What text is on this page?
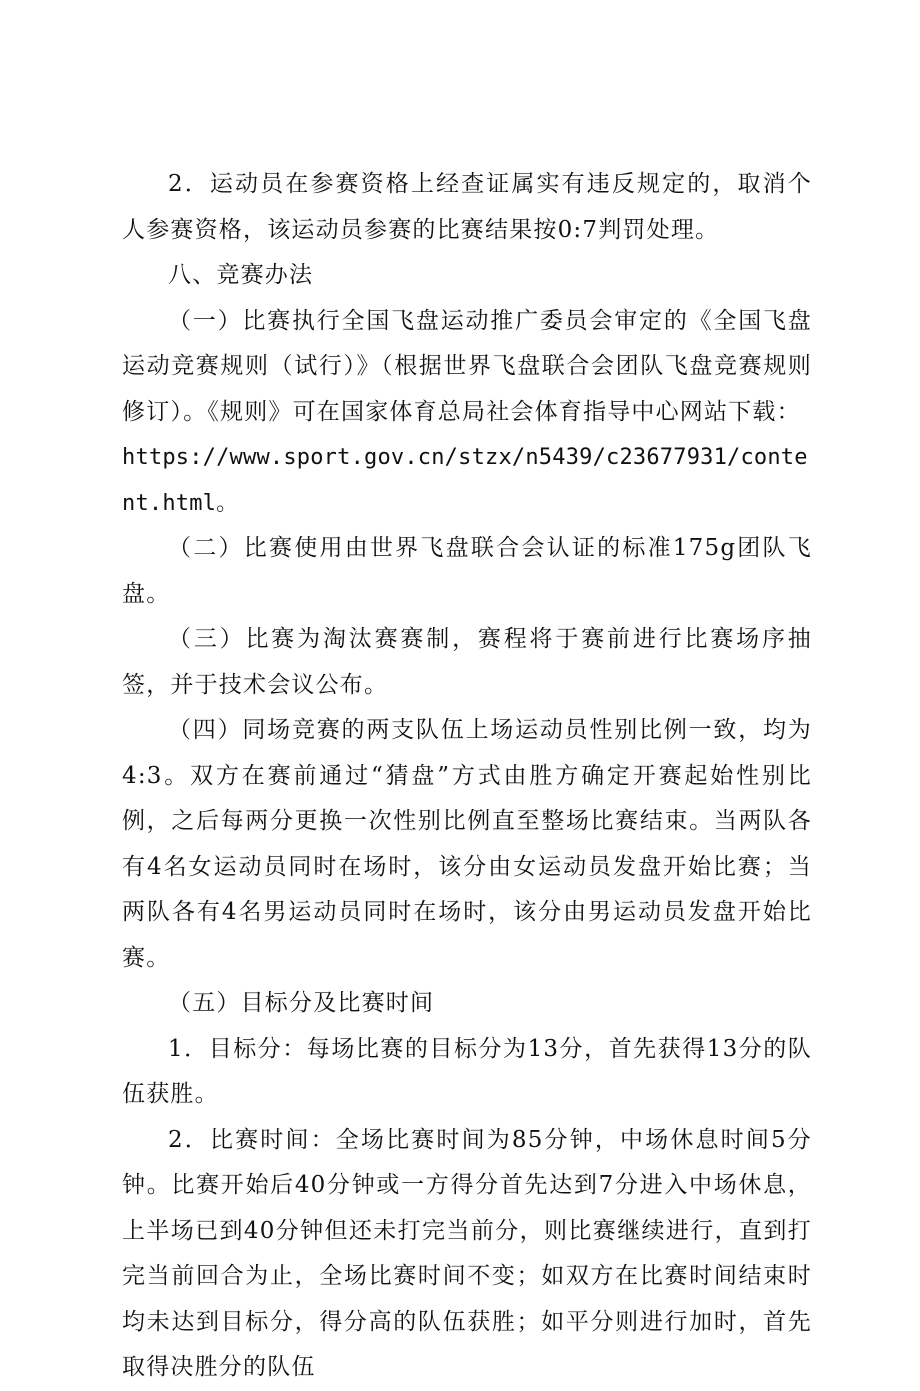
2．运动员在参赛资格上经查证属实有违反规定的，取消个人参赛资格，该运动员参赛的比赛结果按0:7判罚处理。

八、竞赛办法

（一）比赛执行全国飞盘运动推广委员会审定的《全国飞盘运动竞赛规则（试行）》（根据世界飞盘联合会团队飞盘竞赛规则修订）。《规则》可在国家体育总局社会体育指导中心网站下载：

https://www.sport.gov.cn/stzx/n5439/c23677931/content.html。

（二）比赛使用由世界飞盘联合会认证的标准175g团队飞盘。

（三）比赛为淘汰赛赛制，赛程将于赛前进行比赛场序抽签，并于技术会议公布。

（四）同场竞赛的两支队伍上场运动员性别比例一致，均为4:3。双方在赛前通过“猜盘”方式由胜方确定开赛起始性别比例，之后每两分更换一次性别比例直至整场比赛结束。当两队各有4名女运动员同时在场时，该分由女运动员发盘开始比赛；当两队各有4名男运动员同时在场时，该分由男运动员发盘开始比赛。

（五）目标分及比赛时间

1．目标分：每场比赛的目标分为13分，首先获得13分的队伍获胜。

2．比赛时间：全场比赛时间为85分钟，中场休息时间5分钟。比赛开始后40分钟或一方得分首先达到7分进入中场休息，上半场已到40分钟但还未打完当前分，则比赛继续进行，直到打完当前回合为止，全场比赛时间不变；如双方在比赛时间结束时均未达到目标分，得分高的队伍获胜；如平分则进行加时，首先取得决胜分的队伍
